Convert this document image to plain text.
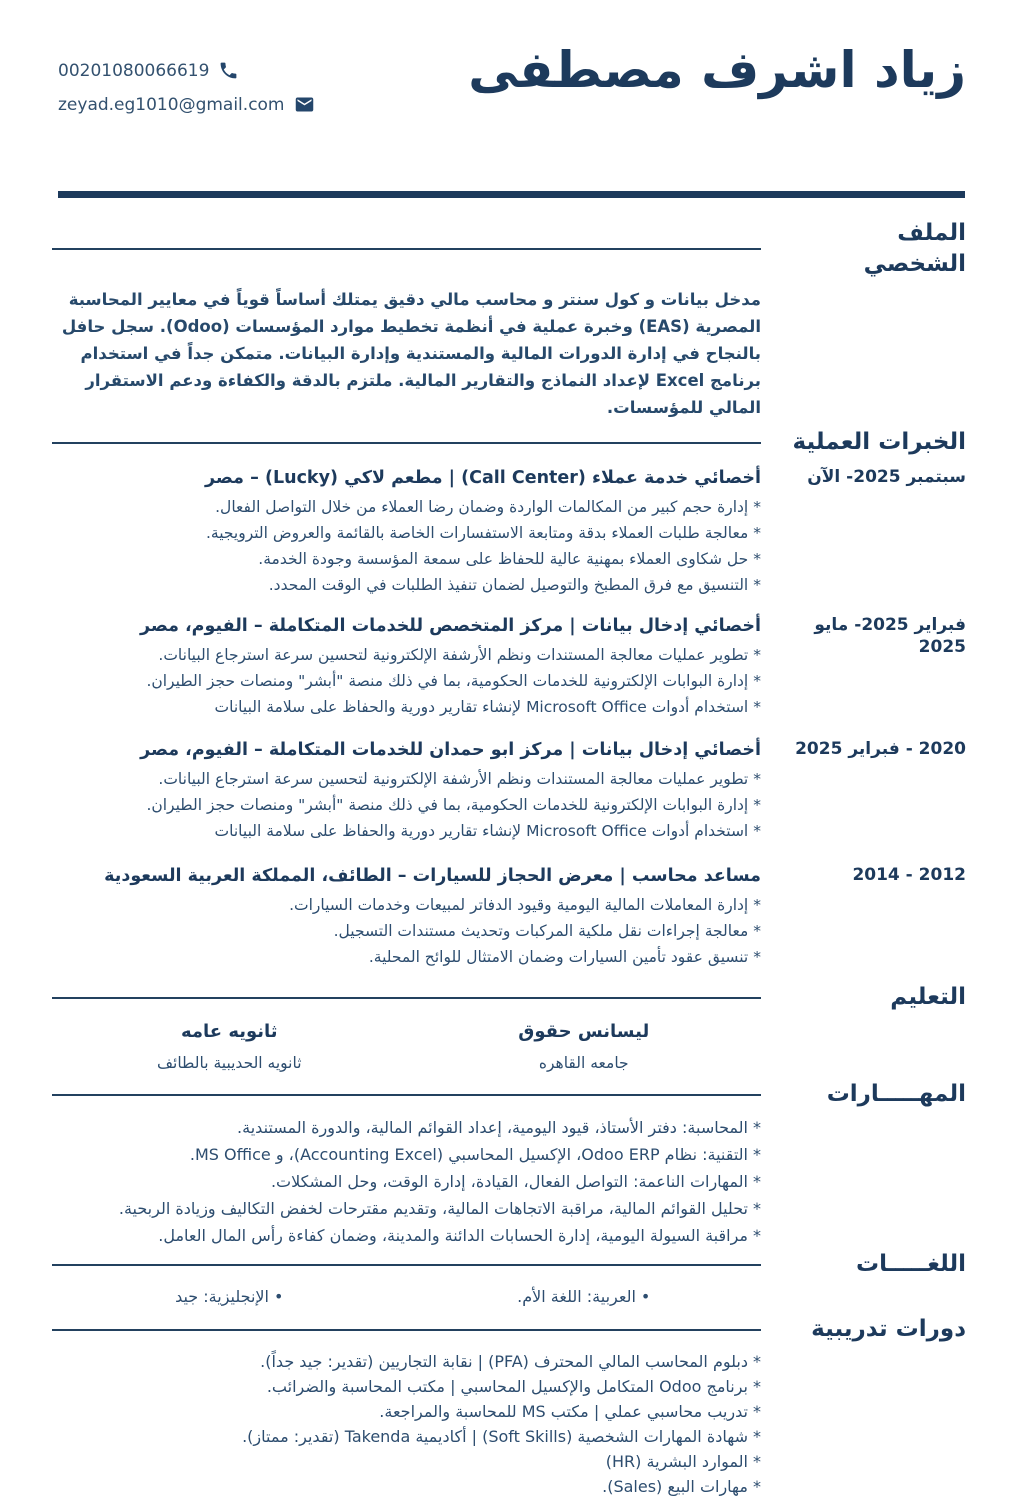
زياد اشرف مصطفى
00201080066619
zeyad.eg1010@gmail.com
الملف الشخصي

مدخل بيانات و كول سنتر و محاسب مالي دقيق يمتلك أساساً قوياً في معايير المحاسبة المصرية (EAS) وخبرة عملية في أنظمة تخطيط موارد المؤسسات (Odoo). سجل حافل بالنجاح في إدارة الدورات المالية والمستندية وإدارة البيانات. متمكن جداً في استخدام برنامج Excel لإعداد النماذج والتقارير المالية. ملتزم بالدقة والكفاءة ودعم الاستقرار المالي للمؤسسات.

الخبرات العملية
سبتمبر 2025- الآن
أخصائي خدمة عملاء (Call Center) | مطعم لاكي (Lucky) – مصر
*إدارة حجم كبير من المكالمات الواردة وضمان رضا العملاء من خلال التواصل الفعال.
*معالجة طلبات العملاء بدقة ومتابعة الاستفسارات الخاصة بالقائمة والعروض الترويجية.
*حل شكاوى العملاء بمهنية عالية للحفاظ على سمعة المؤسسة وجودة الخدمة.
*التنسيق مع فرق المطبخ والتوصيل لضمان تنفيذ الطلبات في الوقت المحدد.
فبراير 2025- مايو 2025
أخصائي إدخال بيانات | مركز المتخصص للخدمات المتكاملة – الفيوم، مصر
*تطوير عمليات معالجة المستندات ونظم الأرشفة الإلكترونية لتحسين سرعة استرجاع البيانات.
*إدارة البوابات الإلكترونية للخدمات الحكومية، بما في ذلك منصة "أبشر" ومنصات حجز الطيران.
*استخدام أدوات Microsoft Office لإنشاء تقارير دورية والحفاظ على سلامة البيانات
2020 - فبراير 2025
أخصائي إدخال بيانات | مركز ابو حمدان للخدمات المتكاملة – الفيوم، مصر
*تطوير عمليات معالجة المستندات ونظم الأرشفة الإلكترونية لتحسين سرعة استرجاع البيانات.
*إدارة البوابات الإلكترونية للخدمات الحكومية، بما في ذلك منصة "أبشر" ومنصات حجز الطيران.
*استخدام أدوات Microsoft Office لإنشاء تقارير دورية والحفاظ على سلامة البيانات
2012 - 2014
مساعد محاسب | معرض الحجاز للسيارات – الطائف، المملكة العربية السعودية
*إدارة المعاملات المالية اليومية وقيود الدفاتر لمبيعات وخدمات السيارات.
*معالجة إجراءات نقل ملكية المركبات وتحديث مستندات التسجيل.
*تنسيق عقود تأمين السيارات وضمان الامتثال للوائح المحلية.
التعليم
ليسانس حقوق
جامعه القاهره
ثانويه عامه
ثانويه الحديبية بالطائف
المهـــــارات
*المحاسبة: دفتر الأستاذ، قيود اليومية، إعداد القوائم المالية، والدورة المستندية.
*التقنية: نظام Odoo ERP، الإكسيل المحاسبي (Accounting Excel)، و MS Office.
*المهارات الناعمة: التواصل الفعال، القيادة، إدارة الوقت، وحل المشكلات.
*تحليل القوائم المالية، مراقبة الاتجاهات المالية، وتقديم مقترحات لخفض التكاليف وزيادة الربحية.
*مراقبة السيولة اليومية، إدارة الحسابات الدائنة والمدينة، وضمان كفاءة رأس المال العامل.
اللغـــــات
•العربية: اللغة الأم.
•الإنجليزية: جيد
دورات تدريبية
*دبلوم المحاسب المالي المحترف (PFA) | نقابة التجاريين (تقدير: جيد جداً).
*برنامج Odoo المتكامل والإكسيل المحاسبي | مكتب المحاسبة والضرائب.
*تدريب محاسبي عملي | مكتب MS للمحاسبة والمراجعة.
*شهادة المهارات الشخصية (Soft Skills) | أكاديمية Takenda (تقدير: ممتاز).
*الموارد البشرية (HR)
*مهارات البيع (Sales).
